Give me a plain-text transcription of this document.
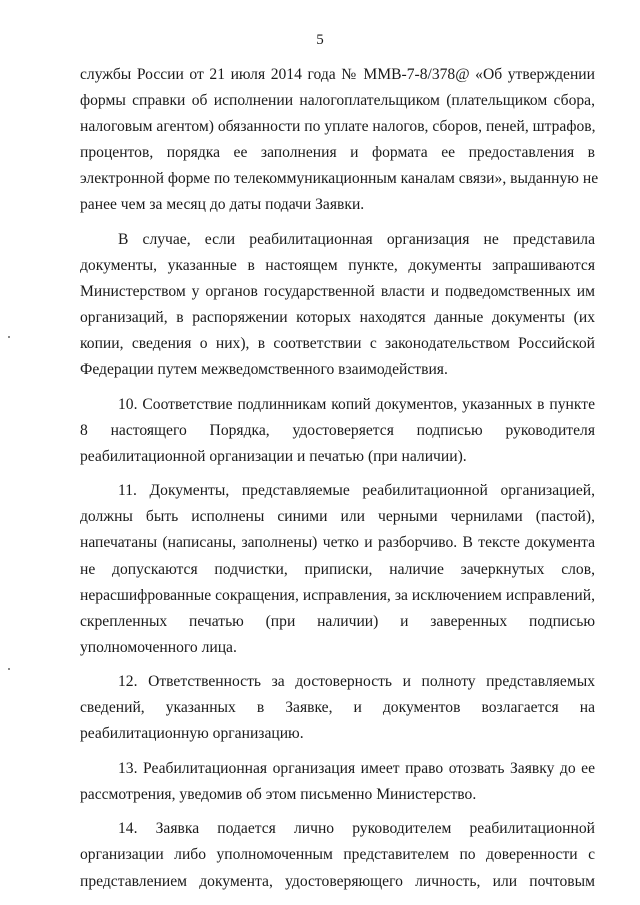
5
службы России от 21 июля 2014 года № ММВ-7-8/378@ «Об утверждении
формы справки об исполнении налогоплательщиком (плательщиком сбора,
налоговым агентом) обязанности по уплате налогов, сборов, пеней, штрафов,
процентов, порядка ее заполнения и формата ее предоставления в
электронной форме по телекоммуникационным каналам связи», выданную не
ранее чем за месяц до даты подачи Заявки.
В случае, если реабилитационная организация не представила
документы, указанные в настоящем пункте, документы запрашиваются
Министерством у органов государственной власти и подведомственных им
организаций, в распоряжении которых находятся данные документы (их
копии, сведения о них), в соответствии с законодательством Российской
Федерации путем межведомственного взаимодействия.
10. Соответствие подлинникам копий документов, указанных в пункте
8 настоящего Порядка, удостоверяется подписью руководителя
реабилитационной организации и печатью (при наличии).
11. Документы, представляемые реабилитационной организацией,
должны быть исполнены синими или черными чернилами (пастой),
напечатаны (написаны, заполнены) четко и разборчиво. В тексте документа
не допускаются подчистки, приписки, наличие зачеркнутых слов,
нерасшифрованные сокращения, исправления, за исключением исправлений,
скрепленных печатью (при наличии) и заверенных подписью
уполномоченного лица.
12. Ответственность за достоверность и полноту представляемых
сведений, указанных в Заявке, и документов возлагается на
реабилитационную организацию.
13. Реабилитационная организация имеет право отозвать Заявку до ее
рассмотрения, уведомив об этом письменно Министерство.
14. Заявка подается лично руководителем реабилитационной
организации либо уполномоченным представителем по доверенности с
представлением документа, удостоверяющего личность, или почтовым
